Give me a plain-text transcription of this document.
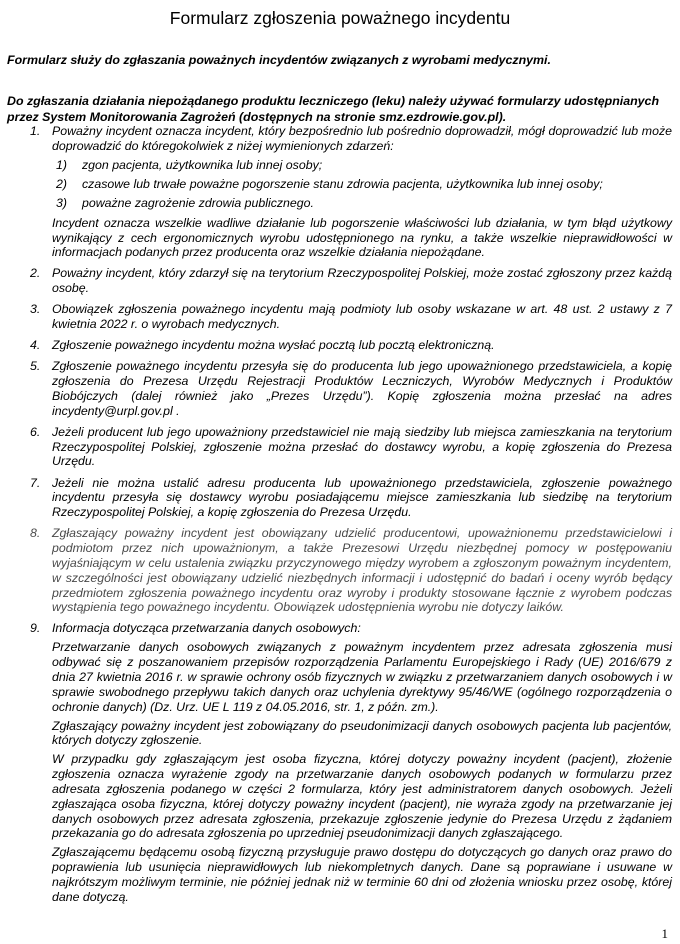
Formularz zgłoszenia poważnego incydentu

Formularz służy do zgłaszania poważnych incydentów związanych z wyrobami medycznymi.

Do zgłaszania działania niepożądanego produktu leczniczego (leku) należy używać formularzy udostępnianych przez System Monitorowania Zagrożeń (dostępnych na stronie smz.ezdrowie.gov.pl).

1. Poważny incydent oznacza incydent, który bezpośrednio lub pośrednio doprowadził, mógł doprowadzić lub może doprowadzić do któregokolwiek z niżej wymienionych zdarzeń:

1) zgon pacjenta, użytkownika lub innej osoby;
2) czasowe lub trwałe poważne pogorszenie stanu zdrowia pacjenta, użytkownika lub innej osoby;
3) poważne zagrożenie zdrowia publicznego.

Incydent oznacza wszelkie wadliwe działanie lub pogorszenie właściwości lub działania, w tym błąd użytkowy wynikający z cech ergonomicznych wyrobu udostępnionego na rynku, a także wszelkie nieprawidłowości w informacjach podanych przez producenta oraz wszelkie działania niepożądane.

2. Poważny incydent, który zdarzył się na terytorium Rzeczypospolitej Polskiej, może zostać zgłoszony przez każdą osobę.

3. Obowiązek zgłoszenia poważnego incydentu mają podmioty lub osoby wskazane w art. 48 ust. 2 ustawy z 7 kwietnia 2022 r. o wyrobach medycznych.

4. Zgłoszenie poważnego incydentu można wysłać pocztą lub pocztą elektroniczną.

5. Zgłoszenie poważnego incydentu przesyła się do producenta lub jego upoważnionego przedstawiciela, a kopię zgłoszenia do Prezesa Urzędu Rejestracji Produktów Leczniczych, Wyrobów Medycznych i Produktów Biobójczych (dalej również jako „Prezes Urzędu”). Kopię zgłoszenia można przesłać na adres incydenty@urpl.gov.pl .

6. Jeżeli producent lub jego upoważniony przedstawiciel nie mają siedziby lub miejsca zamieszkania na terytorium Rzeczypospolitej Polskiej, zgłoszenie można przesłać do dostawcy wyrobu, a kopię zgłoszenia do Prezesa Urzędu.

7. Jeżeli nie można ustalić adresu producenta lub upoważnionego przedstawiciela, zgłoszenie poważnego incydentu przesyła się dostawcy wyrobu posiadającemu miejsce zamieszkania lub siedzibę na terytorium Rzeczypospolitej Polskiej, a kopię zgłoszenia do Prezesa Urzędu.

8. Zgłaszający poważny incydent jest obowiązany udzielić producentowi, upoważnionemu przedstawicielowi i podmiotom przez nich upoważnionym, a także Prezesowi Urzędu niezbędnej pomocy w postępowaniu wyjaśniającym w celu ustalenia związku przyczynowego między wyrobem a zgłoszonym poważnym incydentem, w szczególności jest obowiązany udzielić niezbędnych informacji i udostępnić do badań i oceny wyrób będący przedmiotem zgłoszenia poważnego incydentu oraz wyroby i produkty stosowane łącznie z wyrobem podczas wystąpienia tego poważnego incydentu. Obowiązek udostępnienia wyrobu nie dotyczy laików.

9. Informacja dotycząca przetwarzania danych osobowych:

Przetwarzanie danych osobowych związanych z poważnym incydentem przez adresata zgłoszenia musi odbywać się z poszanowaniem przepisów rozporządzenia Parlamentu Europejskiego i Rady (UE) 2016/679 z dnia 27 kwietnia 2016 r. w sprawie ochrony osób fizycznych w związku z przetwarzaniem danych osobowych i w sprawie swobodnego przepływu takich danych oraz uchylenia dyrektywy 95/46/WE (ogólnego rozporządzenia o ochronie danych) (Dz. Urz. UE L 119 z 04.05.2016, str. 1, z późn. zm.).

Zgłaszający poważny incydent jest zobowiązany do pseudonimizacji danych osobowych pacjenta lub pacjentów, których dotyczy zgłoszenie.

W przypadku gdy zgłaszającym jest osoba fizyczna, której dotyczy poważny incydent (pacjent), złożenie zgłoszenia oznacza wyrażenie zgody na przetwarzanie danych osobowych podanych w formularzu przez adresata zgłoszenia podanego w części 2 formularza, który jest administratorem danych osobowych. Jeżeli zgłaszająca osoba fizyczna, której dotyczy poważny incydent (pacjent), nie wyraża zgody na przetwarzanie jej danych osobowych przez adresata zgłoszenia, przekazuje zgłoszenie jedynie do Prezesa Urzędu z żądaniem przekazania go do adresata zgłoszenia po uprzedniej pseudonimizacji danych zgłaszającego.

Zgłaszającemu będącemu osobą fizyczną przysługuje prawo dostępu do dotyczących go danych oraz prawo do poprawienia lub usunięcia nieprawidłowych lub niekompletnych danych. Dane są poprawiane i usuwane w najkrótszym możliwym terminie, nie później jednak niż w terminie 60 dni od złożenia wniosku przez osobę, której dane dotyczą.

1
